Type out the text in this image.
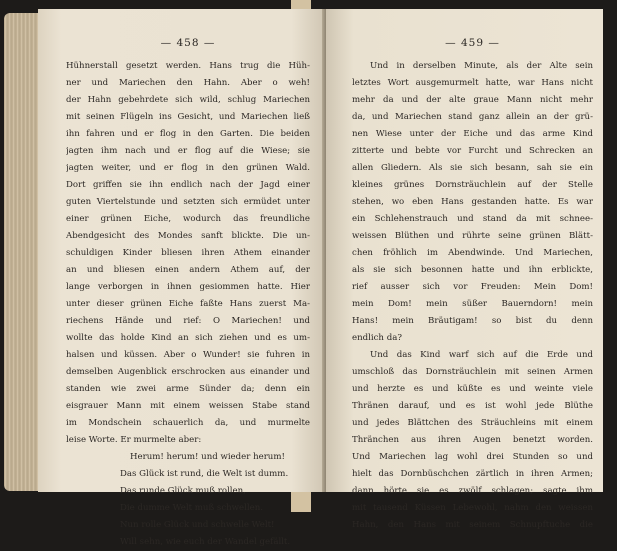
— 458 —
Hühnerstall gesetzt werden. Hans trug die Hüh-
ner und Mariechen den Hahn. Aber o weh!
der Hahn gebehrdete sich wild, schlug Mariechen
mit seinen Flügeln ins Gesicht, und Mariechen ließ
ihn fahren und er flog in den Garten. Die beiden
jagten ihm nach und er flog auf die Wiese; sie
jagten weiter, und er flog in den grünen Wald.
Dort griffen sie ihn endlich nach der Jagd einer
guten Viertelstunde und setzten sich ermüdet unter
einer grünen Eiche, wodurch das freundliche
Abendgesicht des Mondes sanft blickte. Die un-
schuldigen Kinder bliesen ihren Athem einander
an und bliesen einen andern Athem auf, der
lange verborgen in ihnen gesiommen hatte. Hier
unter dieser grünen Eiche faßte Hans zuerst Ma-
riechens Hände und rief: O Mariechen! und
wollte das holde Kind an sich ziehen und es um-
halsen und küssen. Aber o Wunder! sie fuhren in
demselben Augenblick erschrocken aus einander und
standen wie zwei arme Sünder da; denn ein
eisgrauer Mann mit einem weissen Stabe stand
im Mondschein schauerlich da, und murmelte
leise Worte. Er murmelte aber:
Herum! herum! und wieder herum!
Das Glück ist rund, die Welt ist dumm.
Das runde Glück muß rollen,
Die dumme Welt muß schwellen.
Nun rolle Glück und schwelle Welt!
Will sehn, wie euch der Wandel gefällt.
— 459 —
Und in derselben Minute, als der Alte sein
letztes Wort ausgemurmelt hatte, war Hans nicht
mehr da und der alte graue Mann nicht mehr
da, und Mariechen stand ganz allein an der grü-
nen Wiese unter der Eiche und das arme Kind
zitterte und bebte vor Furcht und Schrecken an
allen Gliedern. Als sie sich besann, sah sie ein
kleines grünes Dornsträuchlein auf der Stelle
stehen, wo eben Hans gestanden hatte. Es war
ein Schlehenstrauch und stand da mit schnee-
weissen Blüthen und rührte seine grünen Blätt-
chen fröhlich im Abendwinde. Und Mariechen,
als sie sich besonnen hatte und ihn erblickte,
rief ausser sich vor Freuden: Mein Dom!
mein Dom! mein süßer Bauerndorn! mein
Hans! mein Bräutigam! so bist du denn
endlich da?
Und das Kind warf sich auf die Erde und
umschloß das Dornsträuchlein mit seinen Armen
und herzte es und küßte es und weinte viele
Thränen darauf, und es ist wohl jede Blüthe
und jedes Blättchen des Sträuchleins mit einem
Thränchen aus ihren Augen benetzt worden.
Und Mariechen lag wohl drei Stunden so und
hielt das Dornbüschchen zärtlich in ihren Armen;
dann hörte sie es zwölf schlagen; sagte ihm
mit tausend Küssen Lebewohl, nahm den weissen
Hahn, den Hans mit seinem Schnupftuche die
